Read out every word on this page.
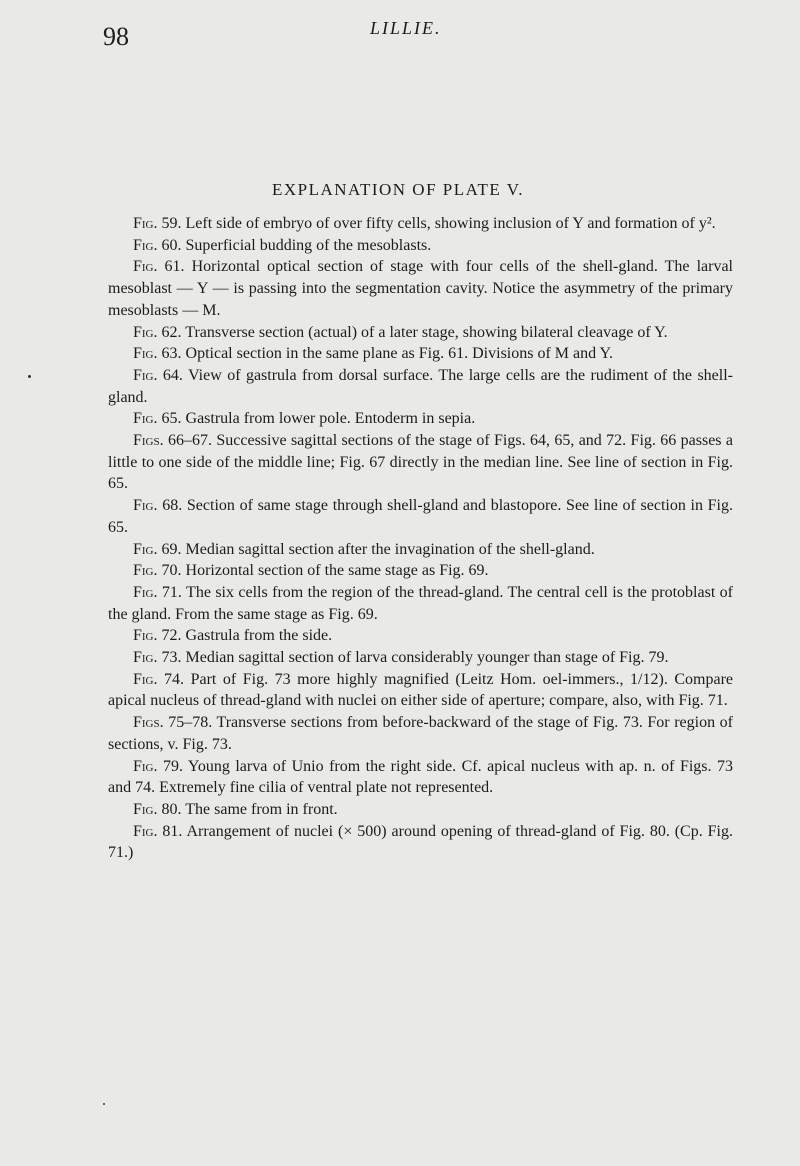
98	LILLIE.
EXPLANATION OF PLATE V.

Fig. 59. Left side of embryo of over fifty cells, showing inclusion of Y and formation of y².

Fig. 60. Superficial budding of the mesoblasts.

Fig. 61. Horizontal optical section of stage with four cells of the shell-gland. The larval mesoblast — Y — is passing into the segmentation cavity. Notice the asymmetry of the primary mesoblasts — M.

Fig. 62. Transverse section (actual) of a later stage, showing bilateral cleavage of Y.

Fig. 63. Optical section in the same plane as Fig. 61. Divisions of M and Y.

Fig. 64. View of gastrula from dorsal surface. The large cells are the rudiment of the shell-gland.

Fig. 65. Gastrula from lower pole. Entoderm in sepia.

Figs. 66–67. Successive sagittal sections of the stage of Figs. 64, 65, and 72. Fig. 66 passes a little to one side of the middle line; Fig. 67 directly in the median line. See line of section in Fig. 65.

Fig. 68. Section of same stage through shell-gland and blastopore. See line of section in Fig. 65.

Fig. 69. Median sagittal section after the invagination of the shell-gland.

Fig. 70. Horizontal section of the same stage as Fig. 69.

Fig. 71. The six cells from the region of the thread-gland. The central cell is the protoblast of the gland. From the same stage as Fig. 69.

Fig. 72. Gastrula from the side.

Fig. 73. Median sagittal section of larva considerably younger than stage of Fig. 79.

Fig. 74. Part of Fig. 73 more highly magnified (Leitz Hom. oel-immers., 1/12). Compare apical nucleus of thread-gland with nuclei on either side of aperture; compare, also, with Fig. 71.

Figs. 75–78. Transverse sections from before-backward of the stage of Fig. 73. For region of sections, v. Fig. 73.

Fig. 79. Young larva of Unio from the right side. Cf. apical nucleus with ap. n. of Figs. 73 and 74. Extremely fine cilia of ventral plate not represented.

Fig. 80. The same from in front.

Fig. 81. Arrangement of nuclei (× 500) around opening of thread-gland of Fig. 80. (Cp. Fig. 71.)
